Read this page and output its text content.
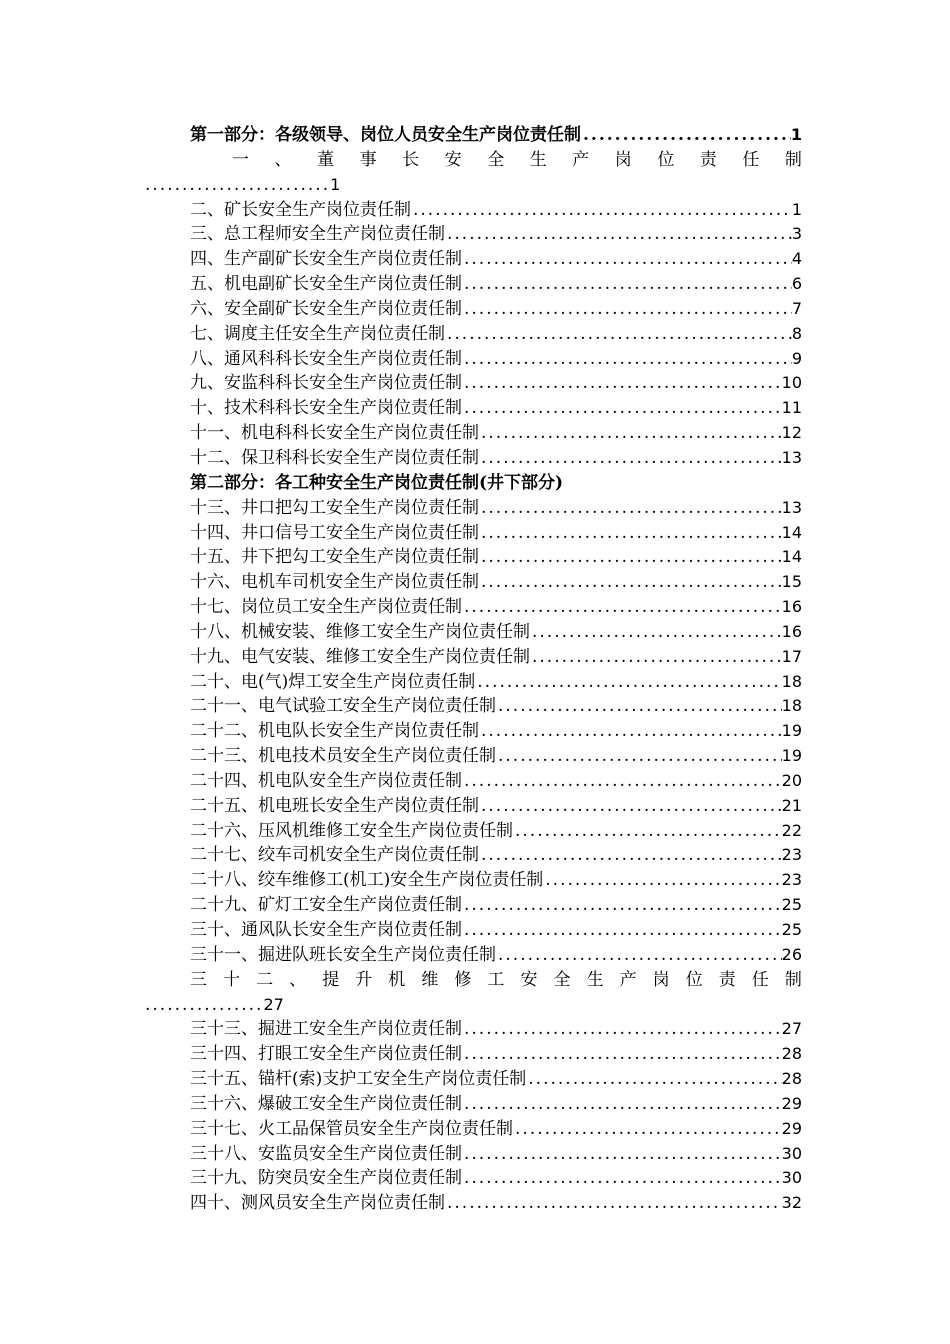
第一部分：各级领导、岗位人员安全生产岗位责任制 .....	1
一 、 董 事 长 安 全 生 产 岗 位 责 任 制
......................... 1
二、矿长安全生产岗位责任制 .....	1
三、总工程师安全生产岗位责任制 .....	3
四、生产副矿长安全生产岗位责任制 .....	4
五、机电副矿长安全生产岗位责任制 .....	6
六、安全副矿长安全生产岗位责任制 .....	7
七、调度主任安全生产岗位责任制 .....	8
八、通风科科长安全生产岗位责任制 .....	9
九、安监科科长安全生产岗位责任制 .....	10
十、技术科科长安全生产岗位责任制 .....	11
十一、机电科科长安全生产岗位责任制 .....	12
十二、保卫科科长安全生产岗位责任制 .....	13
第二部分：各工种安全生产岗位责任制(井下部分)
十三、井口把勾工安全生产岗位责任制 .....	13
十四、井口信号工安全生产岗位责任制 .....	14
十五、井下把勾工安全生产岗位责任制 .....	14
十六、电机车司机安全生产岗位责任制 .....	15
十七、岗位员工安全生产岗位责任制 .....	16
十八、机械安装、维修工安全生产岗位责任制 .....	16
十九、电气安装、维修工安全生产岗位责任制 .....	17
二十、电(气)焊工安全生产岗位责任制 .....	18
二十一、电气试验工安全生产岗位责任制 .....	18
二十二、机电队长安全生产岗位责任制 .....	19
二十三、机电技术员安全生产岗位责任制 .....	19
二十四、机电队安全生产岗位责任制 .....	20
二十五、机电班长安全生产岗位责任制 .....	21
二十六、压风机维修工安全生产岗位责任制 .....	22
二十七、绞车司机安全生产岗位责任制 .....	23
二十八、绞车维修工(机工)安全生产岗位责任制 .....	23
二十九、矿灯工安全生产岗位责任制 .....	25
三十、通风队长安全生产岗位责任制 .....	25
三十一、掘进队班长安全生产岗位责任制 .....	26
三 十 二 、 提 升 机 维 修 工 安 全 生 产 岗 位 责 任 制
................ 27
三十三、掘进工安全生产岗位责任制 .....	27
三十四、打眼工安全生产岗位责任制 .....	28
三十五、锚杆(索)支护工安全生产岗位责任制 .....	28
三十六、爆破工安全生产岗位责任制 .....	29
三十七、火工品保管员安全生产岗位责任制 .....	29
三十八、安监员安全生产岗位责任制 .....	30
三十九、防突员安全生产岗位责任制 .....	30
四十、测风员安全生产岗位责任制 .....	32
